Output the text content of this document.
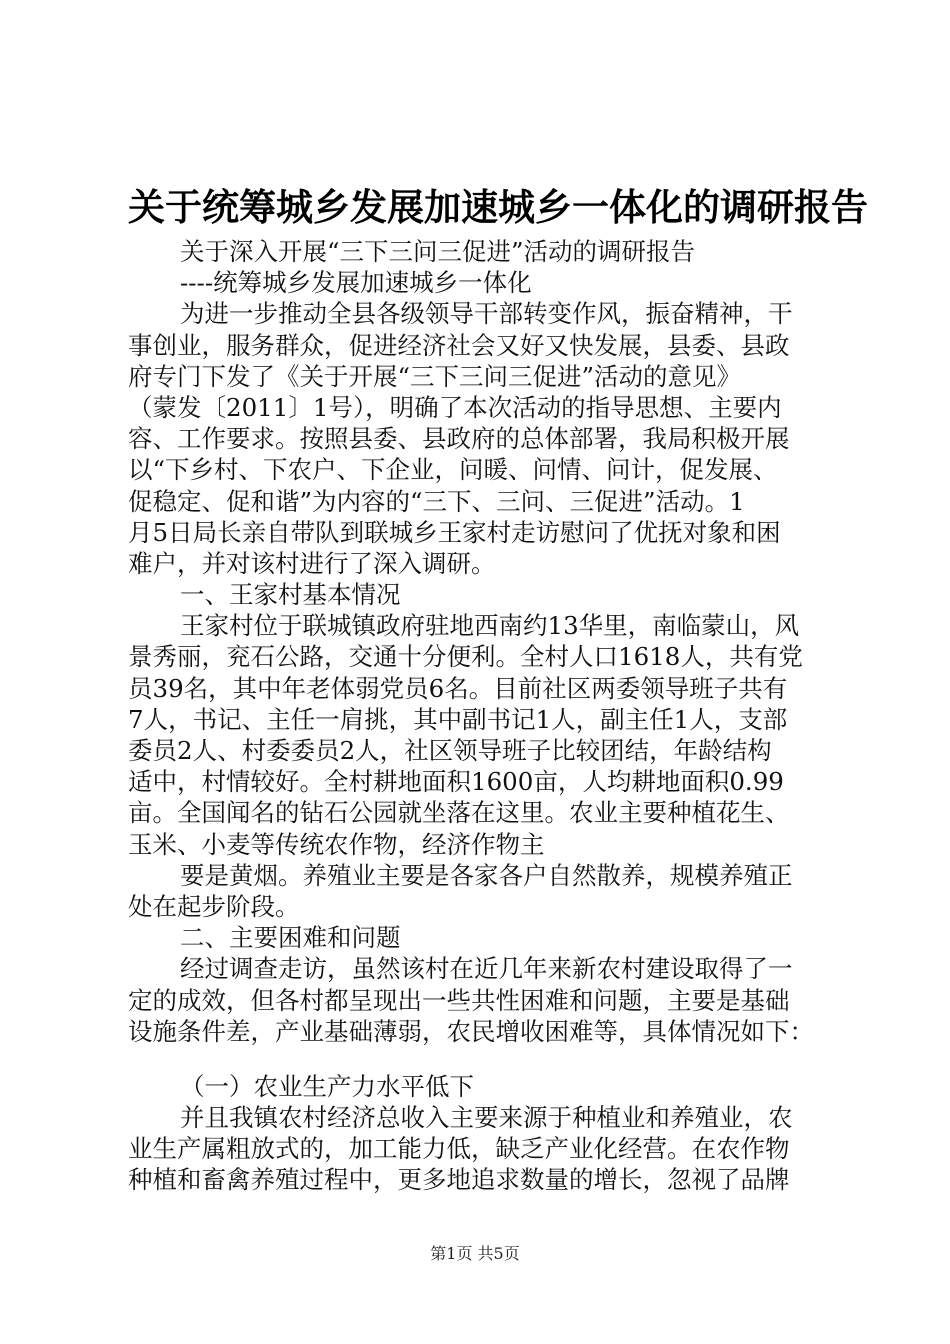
关于统筹城乡发展加速城乡一体化的调研报告
关于深入开展“三下三问三促进”活动的调研报告
----统筹城乡发展加速城乡一体化
为进一步推动全县各级领导干部转变作风，振奋精神，干
事创业，服务群众，促进经济社会又好又快发展，县委、县政
府专门下发了《关于开展“三下三问三促进”活动的意见》
（蒙发〔2011〕1号），明确了本次活动的指导思想、主要内
容、工作要求。按照县委、县政府的总体部署，我局积极开展
以“下乡村、下农户、下企业，问暖、问情、问计，促发展、
促稳定、促和谐”为内容的“三下、三问、三促进”活动。1
月5日局长亲自带队到联城乡王家村走访慰问了优抚对象和困
难户，并对该村进行了深入调研。
一、王家村基本情况
王家村位于联城镇政府驻地西南约13华里，南临蒙山，风
景秀丽，兖石公路，交通十分便利。全村人口1618人，共有党
员39名，其中年老体弱党员6名。目前社区两委领导班子共有
7人，书记、主任一肩挑，其中副书记1人，副主任1人，支部
委员2人、村委委员2人，社区领导班子比较团结，年龄结构
适中，村情较好。全村耕地面积1600亩，人均耕地面积0.99
亩。全国闻名的钻石公园就坐落在这里。农业主要种植花生、
玉米、小麦等传统农作物，经济作物主
要是黄烟。养殖业主要是各家各户自然散养，规模养殖正
处在起步阶段。
二、主要困难和问题
经过调查走访，虽然该村在近几年来新农村建设取得了一
定的成效，但各村都呈现出一些共性困难和问题，主要是基础
设施条件差，产业基础薄弱，农民增收困难等，具体情况如下：
（一）农业生产力水平低下
并且我镇农村经济总收入主要来源于种植业和养殖业，农
业生产属粗放式的，加工能力低，缺乏产业化经营。在农作物
种植和畜禽养殖过程中，更多地追求数量的增长，忽视了品牌
第1页 共5页
